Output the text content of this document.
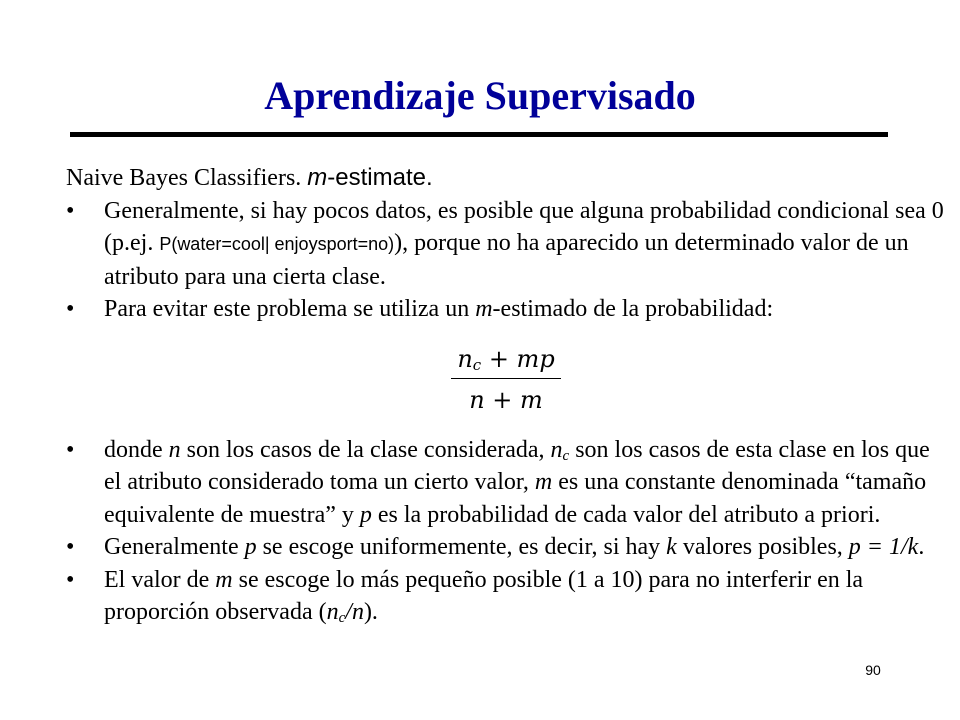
Aprendizaje Supervisado

Naive Bayes Classifiers. m-estimate.

• Generalmente, si hay pocos datos, es posible que alguna probabilidad condicional sea 0 (p.ej. P(water=cool| enjoysport=no)), porque no ha aparecido un determinado valor de un atributo para una cierta clase.
• Para evitar este problema se utiliza un m-estimado de la probabilidad:
$\frac{n_c + mp}{n + m}$
• donde n son los casos de la clase considerada, $n_c$ son los casos de esta clase en los que el atributo considerado toma un cierto valor, m es una constante denominada “tamaño equivalente de muestra” y p es la probabilidad de cada valor del atributo a priori.
• Generalmente p se escoge uniformemente, es decir, si hay k valores posibles, p = 1/k.
• El valor de m se escoge lo más pequeño posible (1 a 10) para no interferir en la proporción observada $(n_c/n)$.
90
